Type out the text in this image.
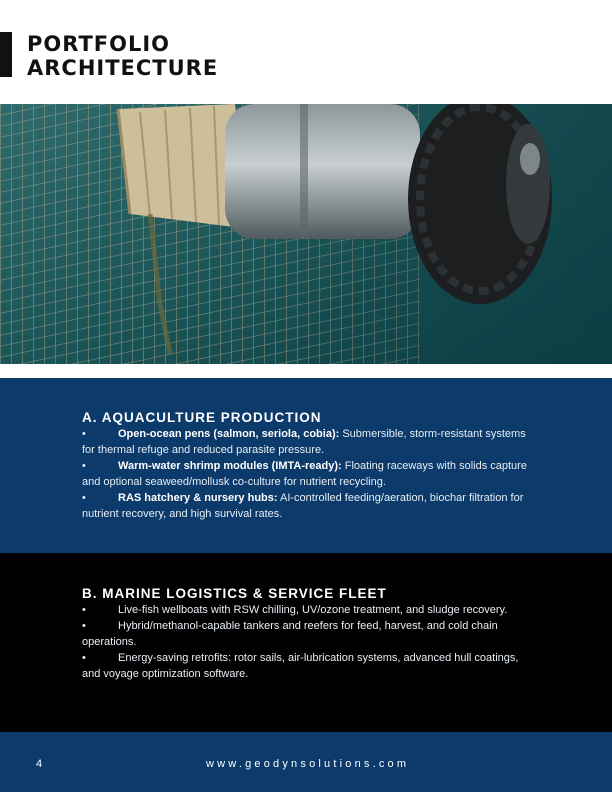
PORTFOLIO
ARCHITECTURE
A. AQUACULTURE PRODUCTION
•	Open-ocean pens (salmon, seriola, cobia): Submersible, storm-resistant systems for thermal refuge and reduced parasite pressure.
•	Warm-water shrimp modules (IMTA-ready): Floating raceways with solids capture and optional seaweed/mollusk co-culture for nutrient recycling.
•	RAS hatchery & nursery hubs: AI-controlled feeding/aeration, biochar filtration for nutrient recovery, and high survival rates.
B. MARINE LOGISTICS & SERVICE FLEET
•	Live-fish wellboats with RSW chilling, UV/ozone treatment, and sludge recovery.
•	Hybrid/methanol-capable tankers and reefers for feed, harvest, and cold chain operations.
•	Energy-saving retrofits: rotor sails, air-lubrication systems, advanced hull coatings, and voyage optimization software.
4	www.geodynsolutions.com
